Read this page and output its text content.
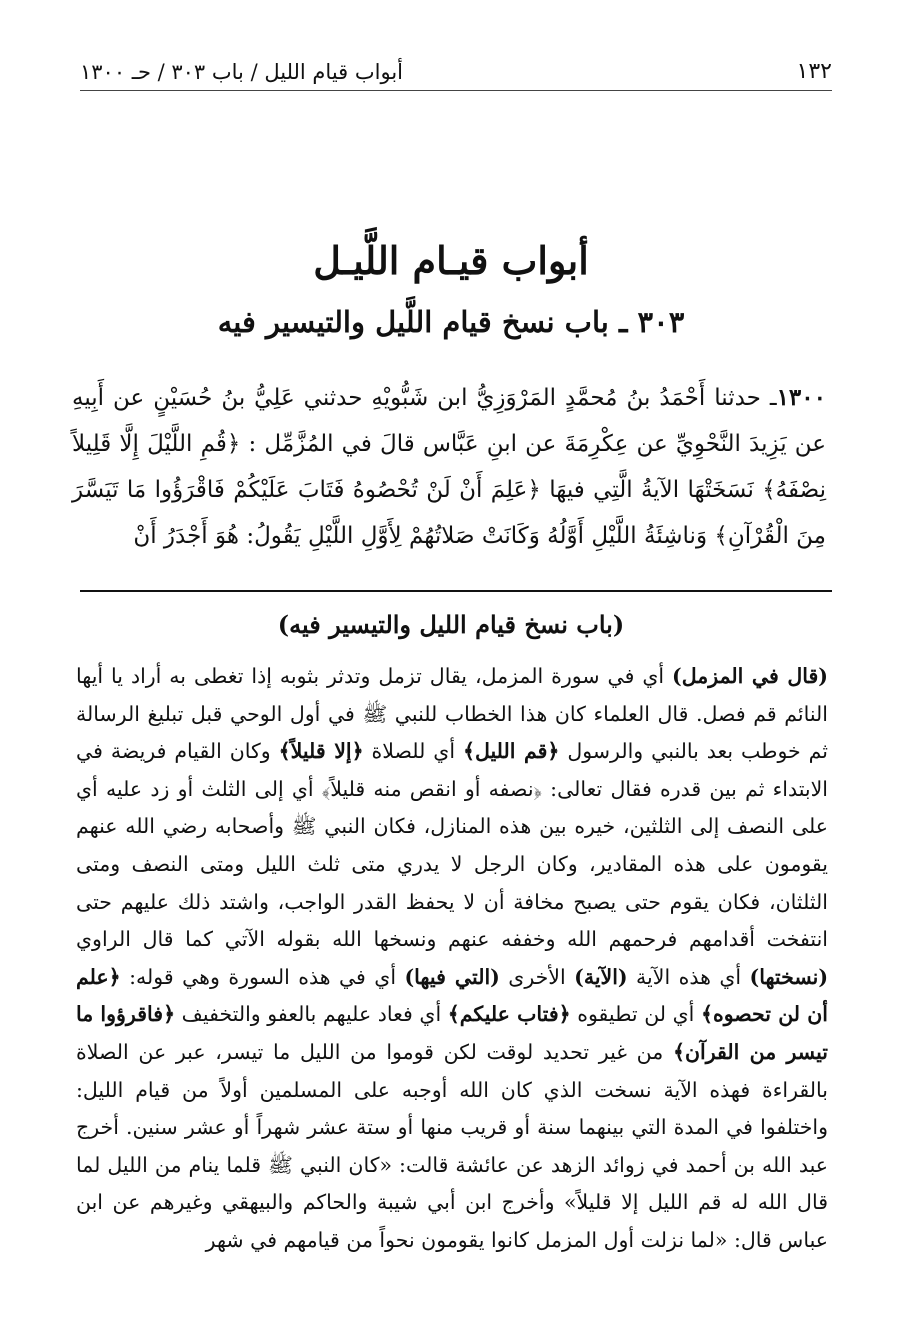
١٣٢
أبواب قيام الليل / باب ٣٠٣ / حـ ١٣٠٠
أبواب قيـام اللَّيـل
٣٠٣ ـ باب نسخ قيام اللَّيل والتيسير فيه
١٣٠٠ـ حدثنا أَحْمَدُ بنُ مُحمَّدٍ المَرْوَزِيُّ ابن شَبُّويْهِ حدثني عَلِيُّ بنُ حُسَيْنٍ عن أَبِيهِ عن يَزِيدَ النَّحْوِيِّ عن عِكْرِمَةَ عن ابنِ عَبَّاس قالَ في المُزَّمِّل : ﴿قُمِ اللَّيْلَ إِلَّا قَلِيلاً نِصْفَهُ﴾ نَسَخَتْهَا الآيةُ الَّتِي فيهَا ﴿عَلِمَ أَنْ لَنْ تُحْصُوهُ فَتَابَ عَلَيْكُمْ فَاقْرَؤُوا مَا تَيَسَّرَ مِنَ الْقُرْآنِ﴾ وَناشِئَةُ اللَّيْلِ أَوَّلُهُ وَكَانَتْ صَلاتُهُمْ لِأَوَّلِ اللَّيْلِ يَقُولُ: هُوَ أَجْدَرُ أَنْ
(باب نسخ قيام الليل والتيسير فيه)
(قال في المزمل) أي في سورة المزمل، يقال تزمل وتدثر بثوبه إذا تغطى به أراد يا أيها النائم قم فصل. قال العلماء كان هذا الخطاب للنبي ﷺ في أول الوحي قبل تبليغ الرسالة ثم خوطب بعد بالنبي والرسول ﴿قم الليل﴾ أي للصلاة ﴿إلا قليلاً﴾ وكان القيام فريضة في الابتداء ثم بين قدره فقال تعالى: ﴿نصفه أو انقص منه قليلاً﴾ أي إلى الثلث أو زد عليه أي على النصف إلى الثلثين، خيره بين هذه المنازل، فكان النبي ﷺ وأصحابه رضي الله عنهم يقومون على هذه المقادير، وكان الرجل لا يدري متى ثلث الليل ومتى النصف ومتى الثلثان، فكان يقوم حتى يصبح مخافة أن لا يحفظ القدر الواجب، واشتد ذلك عليهم حتى انتفخت أقدامهم فرحمهم الله وخففه عنهم ونسخها الله بقوله الآتي كما قال الراوي (نسختها) أي هذه الآية (الآية) الأخرى (التي فيها) أي في هذه السورة وهي قوله: ﴿علم أن لن تحصوه﴾ أي لن تطيقوه ﴿فتاب عليكم﴾ أي فعاد عليهم بالعفو والتخفيف ﴿فاقرؤوا ما تيسر من القرآن﴾ من غير تحديد لوقت لكن قوموا من الليل ما تيسر، عبر عن الصلاة بالقراءة فهذه الآية نسخت الذي كان الله أوجبه على المسلمين أولاً من قيام الليل: واختلفوا في المدة التي بينهما سنة أو قريب منها أو ستة عشر شهراً أو عشر سنين. أخرج عبد الله بن أحمد في زوائد الزهد عن عائشة قالت: «كان النبي ﷺ قلما ينام من الليل لما قال الله له قم الليل إلا قليلاً» وأخرج ابن أبي شيبة والحاكم والبيهقي وغيرهم عن ابن عباس قال: «لما نزلت أول المزمل كانوا يقومون نحواً من قيامهم في شهر
